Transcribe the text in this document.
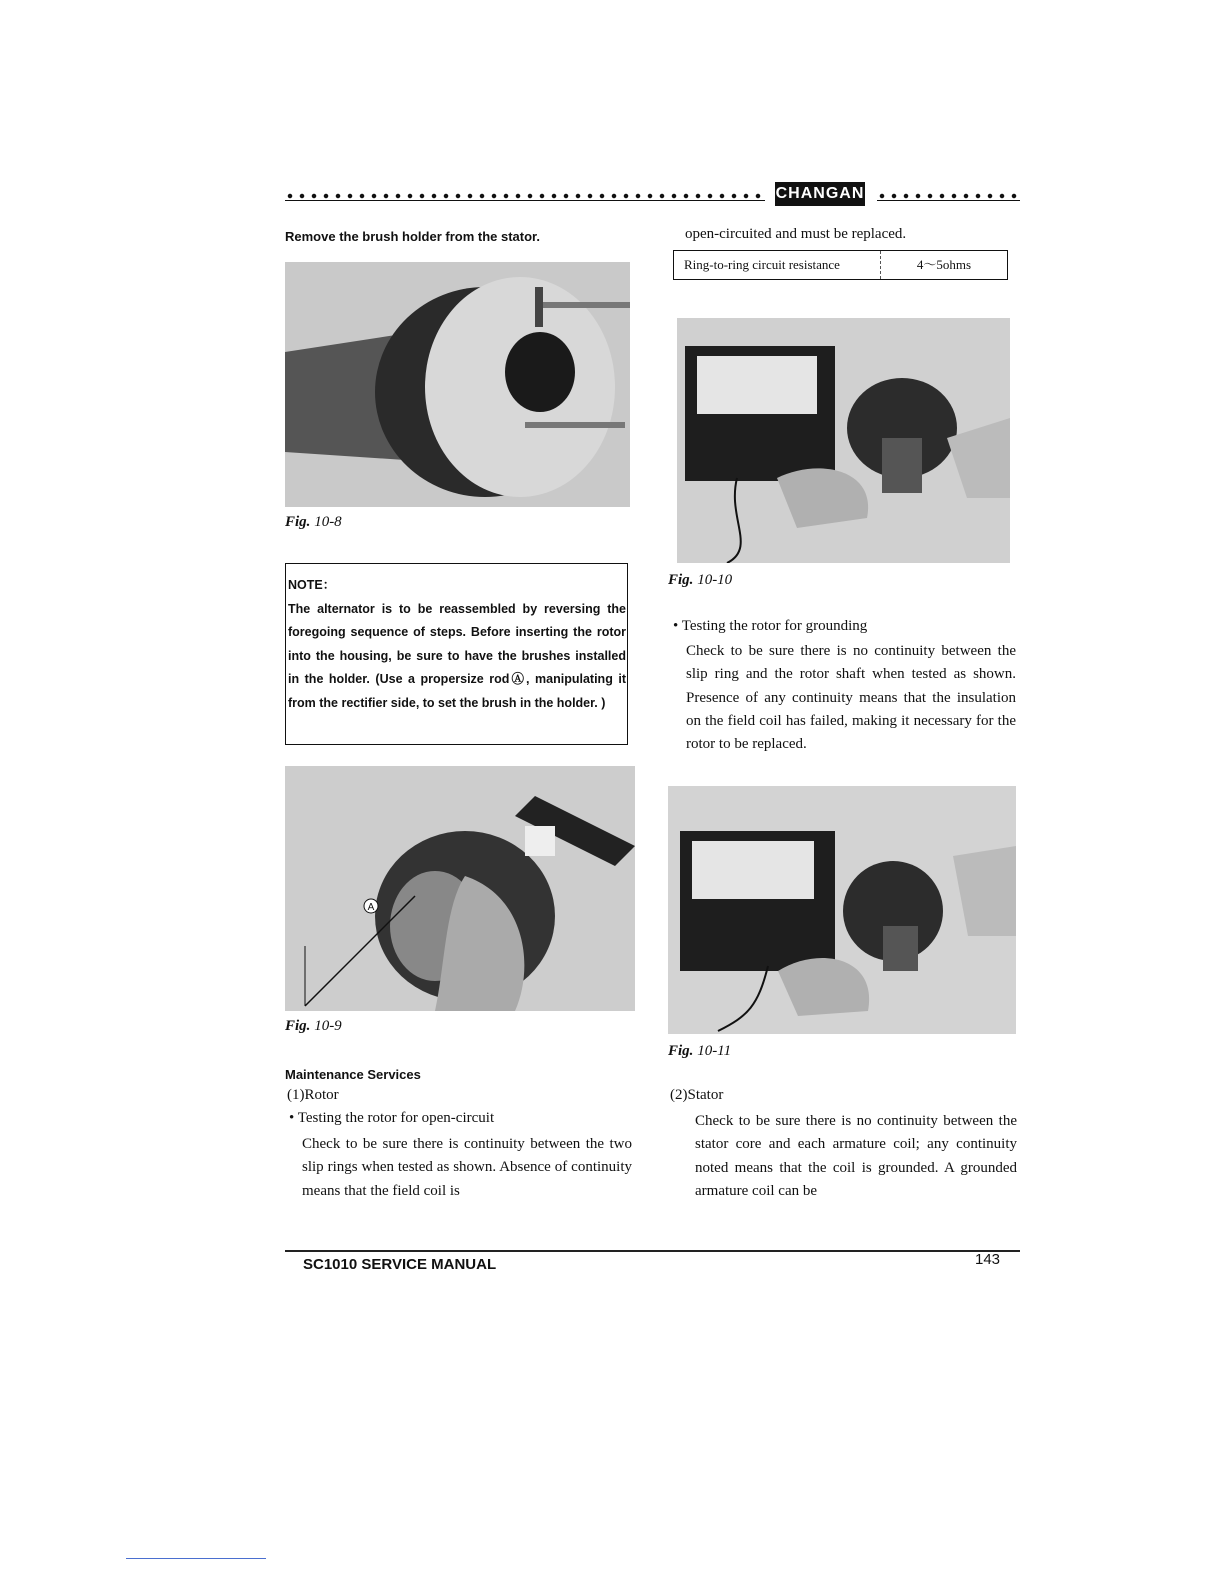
CHANGAN
Remove the brush holder from the stator.
Fig. 10-8
NOTE：
The alternator is to be reassembled by reversing the foregoing sequence of steps. Before inserting the rotor into the housing, be sure to have the brushes installed in the holder. (Use a propersize rodⒶ, manipulating it from the rectifier side, to set the brush in the holder. )
A
Fig. 10-9
Maintenance Services
(1)Rotor
• Testing the rotor for open-circuit
Check to be sure there is continuity between the two slip rings when tested as shown. Absence of continuity means that the field coil is
open-circuited and must be replaced.
Ring-to-ring circuit resistance	4～5ohms
Fig. 10-10
• Testing the rotor for grounding
Check to be sure there is no continuity between the slip ring and the rotor shaft when tested as shown. Presence of any continuity means that the insulation on the field coil has failed, making it necessary for the rotor to be replaced.
Fig. 10-11
(2)Stator
Check to be sure there is no continuity between the stator core and each armature coil; any continuity noted means that the coil is grounded. A grounded armature coil can be
SC1010 SERVICE MANUAL	143
